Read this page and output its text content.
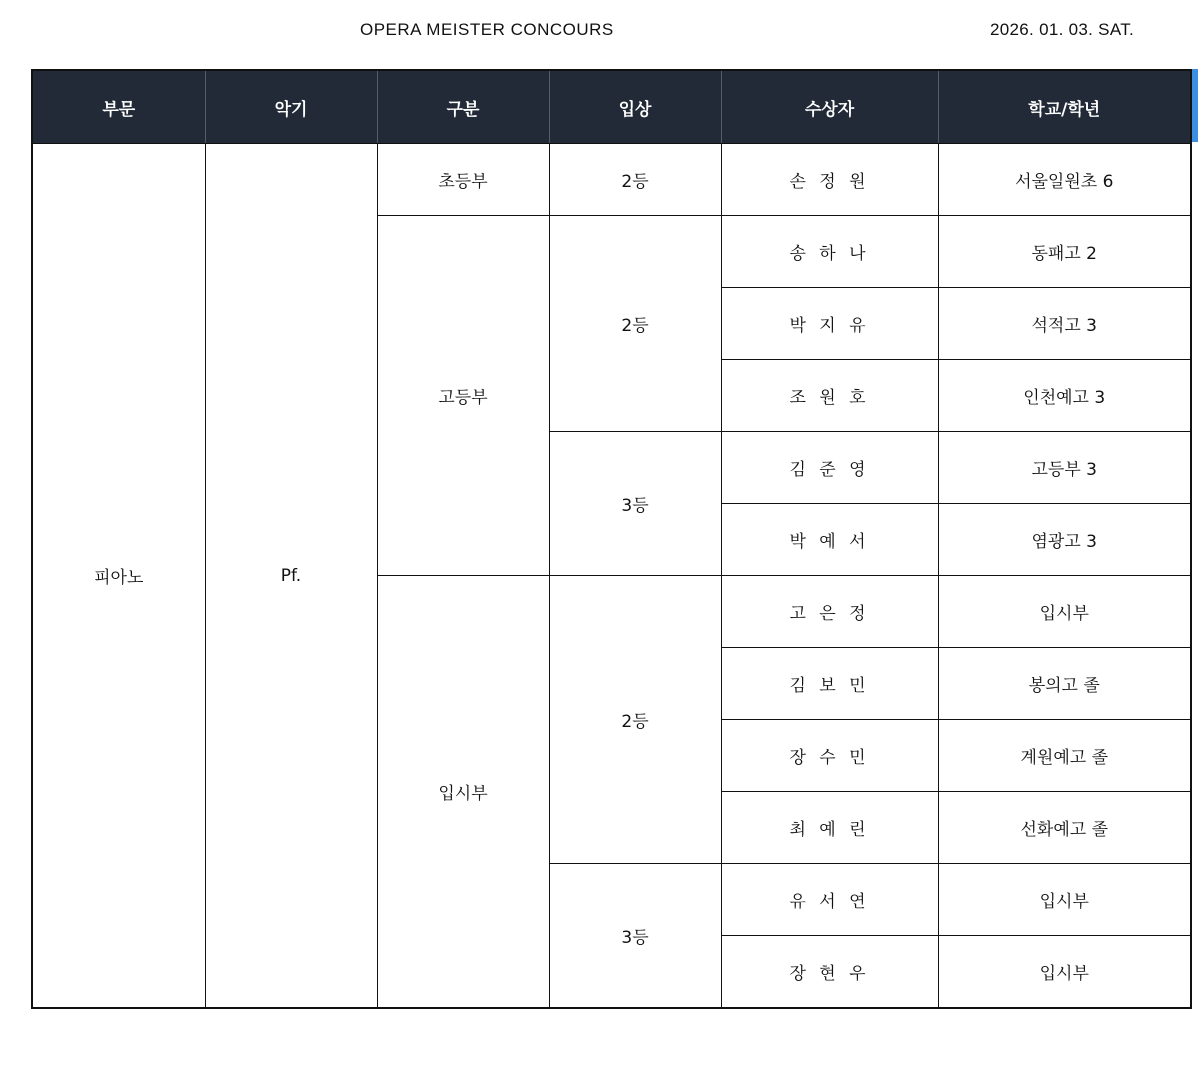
OPERA MEISTER CONCOURS	2026. 01. 03. SAT.
부문	악기	구분	입상	수상자	학교/학년
피아노	Pf.	초등부	2등	손 정 원	서울일원초 6
		고등부	2등	송 하 나	동패고 2
				박 지 유	석적고 3
				조 원 호	인천예고 3
			3등	김 준 영	고등부 3
				박 예 서	염광고 3
		입시부	2등	고 은 정	입시부
				김 보 민	봉의고 졸
				장 수 민	계원예고 졸
				최 예 린	선화예고 졸
			3등	유 서 연	입시부
				장 현 우	입시부
